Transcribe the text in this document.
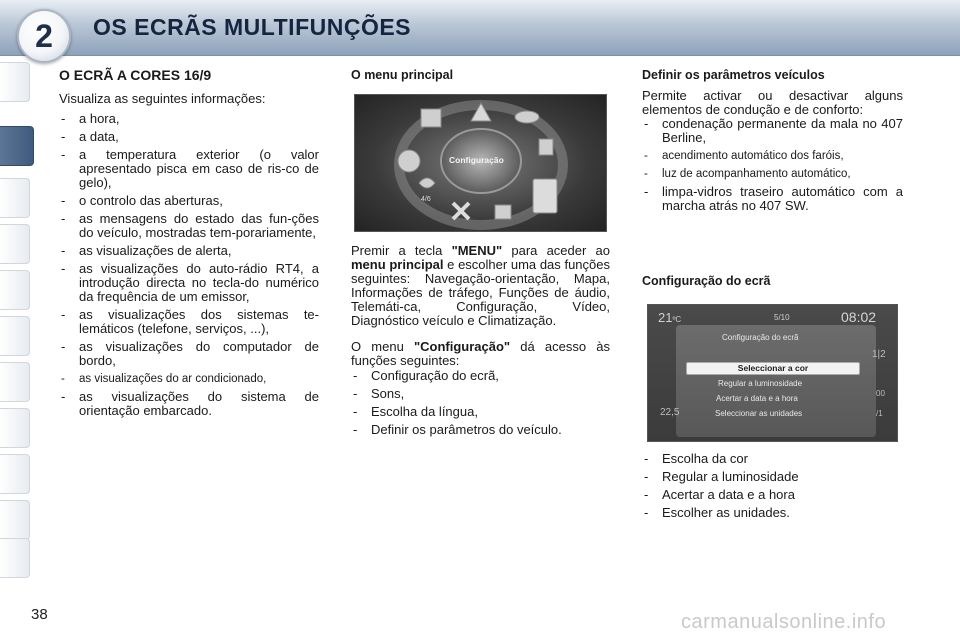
2 OS ECRÃS MULTIFUNÇÕES
O ECRÃ A CORES 16/9

Visualiza as seguintes informações:

- a hora,
- a data,
- a temperatura exterior (o valor apresentado pisca em caso de ris-co de gelo),
- o controlo das aberturas,
- as mensagens do estado das fun-ções do veículo, mostradas tem-porariamente,
- as visualizações de alerta,
- as visualizações do auto-rádio RT4, a introdução directa no tecla-do numérico da frequência de um emissor,
- as visualizações dos sistemas te-lemáticos (telefone, serviços, ...),
- as visualizações do computador de bordo,
- as visualizações do ar condicionado,
- as visualizações do sistema de orientação embarcado.
O menu principal
Configuração
4/6

Premir a tecla "MENU" para aceder ao menu principal e escolher uma das funções seguintes: Navegação-orientação, Mapa, Informações de tráfego, Funções de áudio, Telemáti-ca, Configuração, Vídeo, Diagnóstico veículo e Climatização.

O menu "Configuração" dá acesso às funções seguintes:

- Configuração do ecrã,
- Sons,
- Escolha da língua,
- Definir os parâmetros do veículo.
Definir os parâmetros veículos

Permite activar ou desactivar alguns elementos de condução e de conforto:

- condenação permanente da mala no 407 Berline,
- acendimento automático dos faróis,
- luz de acompanhamento automático,
- limpa-vidros traseiro automático com a marcha atrás no 407 SW.
Configuração do ecrã
21ºC	5/10	08:02
Configuração do ecrã
Seleccionar a cor
Regular a luminosidade
Acertar a data e a hora
Seleccionar as unidades
22,5
1|2
00
/1
- Escolha da cor
- Regular a luminosidade
- Acertar a data e a hora
- Escolher as unidades.
38	carmanualsonline.info
